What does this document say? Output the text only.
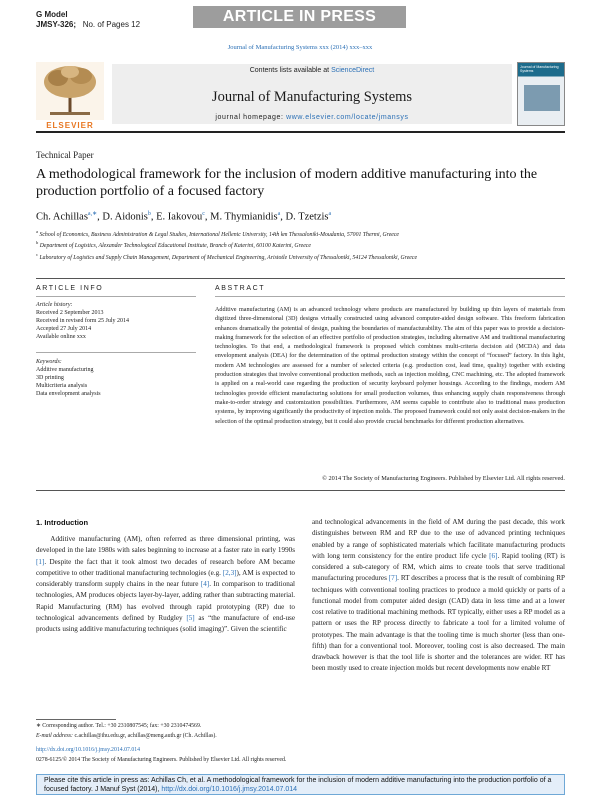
G Model
JMSY-326; No. of Pages 12	ARTICLE IN PRESS
Journal of Manufacturing Systems xxx (2014) xxx–xxx
ELSEVIER
Contents lists available at ScienceDirect
Journal of Manufacturing Systems
journal homepage: www.elsevier.com/locate/jmansys
Journal of Manufacturing Systems
Technical Paper
A methodological framework for the inclusion of modern additive manufacturing into the production portfolio of a focused factory
Ch. Achillas$^{a,∗}$, D. Aidonis$^b$, E. Iakovou$^c$, M. Thymianidis$^a$, D. Tzetzis$^a$
$^a$ School of Economics, Business Administration & Legal Studies, International Hellenic University, 14th km Thessaloniki-Moudania, 57001 Thermi, Greece
$^b$ Department of Logistics, Alexander Technological Educational Institute, Branch of Katerini, 60100 Katerini, Greece
$^c$ Laboratory of Logistics and Supply Chain Management, Department of Mechanical Engineering, Aristotle University of Thessaloniki, 54124 Thessaloniki, Greece
ARTICLE INFO
Article history:
Received 2 September 2013
Received in revised form 25 July 2014
Accepted 27 July 2014
Available online xxx
Keywords:
Additive manufacturing
3D printing
Multicriteria analysis
Data envelopment analysis
ABSTRACT
Additive manufacturing (AM) is an advanced technology where products are manufactured by building up thin layers of materials from digitized three-dimensional (3D) designs virtually constructed using advanced computer-aided design software. This freeform fabrication enhances dramatically the potential of design, pushing the boundaries of manufacturability. The aim of this paper was to provide a decision-making framework for the selection of an effective portfolio of production strategies, including alternative AM and traditional manufacturing technologies. To that end, a methodological framework is proposed which combines multi-criteria decision aid (MCDA) and data envelopment analysis (DEA) for the determination of the optimal production strategy within the concept of “focused” factory. In this light, modern AM technologies are assessed for a number of selected criteria (e.g. production cost, lead time, quality) together with existing production strategies that involve conventional production methods, such as injection molding, CNC machining, etc. The adopted framework is applied on a real-world case regarding the production of security keyboard polymer housings. According to the findings, modern AM technologies provide efficient manufacturing solutions for small production volumes, thus enhancing supply chain responsiveness through make-to-order strategy and customization possibilities. Furthermore, AM seems capable to contribute also to traditional mass production systems, by improving significantly the productivity of injection molds. The proposed framework could not only assist decision-makers in the selection of the optimal production strategy, but it could also provide crucial benchmarks for different production alternatives.
© 2014 The Society of Manufacturing Engineers. Published by Elsevier Ltd. All rights reserved.
1. Introduction
Additive manufacturing (AM), often referred as three dimensional printing, was developed in the late 1980s with sales beginning to increase at a faster rate in early 1990s [1]. Despite the fact that it took almost two decades of research before AM became competitive to other traditional manufacturing technologies (e.g. [2,3]), AM is expected to considerably transform supply chains in the near future [4]. In comparison to traditional technologies, AM produces objects layer-by-layer, adding rather than subtracting material. Rapid Manufacturing (RM) has evolved through rapid prototyping (RP) due to technological advancements defined by Rudgley [5] as “the manufacture of end-use products using additive manufacturing techniques (solid imaging)”. Given the scientific
and technological advancements in the field of AM during the past decade, this work distinguishes between RM and RP due to the use of advanced printing techniques enabled by a range of sophisticated materials which facilitate manufacturing products with long term consistency for the entire product life cycle [6]. Rapid tooling (RT) is considered a sub-category of RM, which aims to create tools that serve traditional manufacturing procedures [7]. RT describes a process that is the result of combining RP techniques with conventional tooling practices to produce a mold quickly or parts of a functional model from computer aided design (CAD) data in less time and at a lower cost relative to traditional machining methods. RT typically, either uses a RP model as a pattern or uses the RP process directly to fabricate a tool for a limited volume of prototypes. The main advantage is that the tooling time is much shorter (less than one-fifth) than for a conventional tool. Moreover, tooling cost is also decreased. The main drawback however is that the tool life is shorter and the tolerances are wider. RT has been mostly used to create injection molds but recent developments now enable RT
∗ Corresponding author. Tel.: +30 2310807545; fax: +30 2310474569.
E-mail address: c.achillas@ihu.edu.gr, achillas@meng.auth.gr (Ch. Achillas).
http://dx.doi.org/10.1016/j.jmsy.2014.07.014
0278-6125/© 2014 The Society of Manufacturing Engineers. Published by Elsevier Ltd. All rights reserved.
Please cite this article in press as: Achillas Ch, et al. A methodological framework for the inclusion of modern additive manufacturing into the production portfolio of a focused factory. J Manuf Syst (2014), http://dx.doi.org/10.1016/j.jmsy.2014.07.014
